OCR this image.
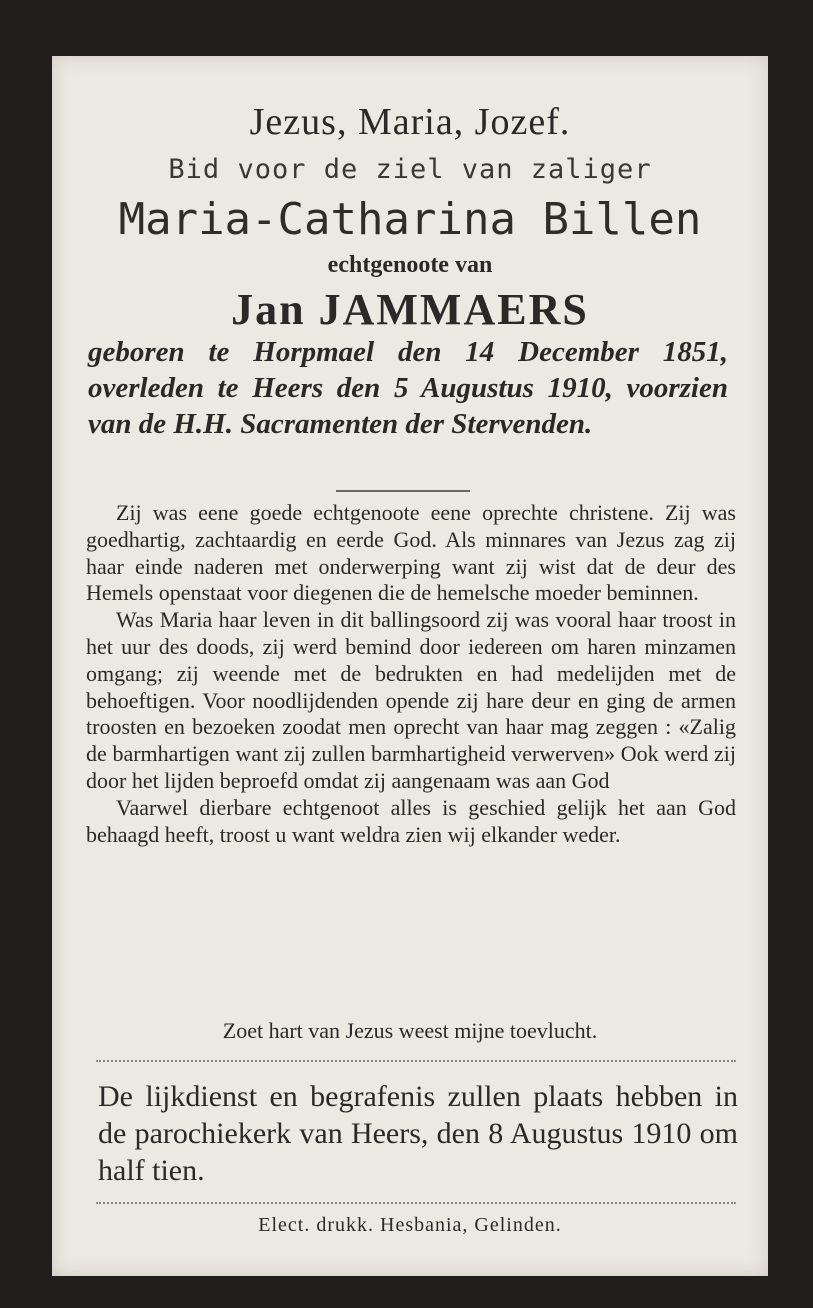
Jezus, Maria, Jozef.
Bid voor de ziel van zaliger
Maria-Catharina Billen
echtgenoote van
Jan JAMMAERS
geboren te Horpmael den 14 December 1851, overleden te Heers den 5 Augustus 1910, voorzien van de H.H. Sacramenten der Stervenden.

Zij was eene goede echtgenoote eene oprechte christene. Zij was goedhartig, zachtaardig en eerde God. Als minnares van Jezus zag zij haar einde naderen met onderwerping want zij wist dat de deur des Hemels openstaat voor diegenen die de hemelsche moeder beminnen.

Was Maria haar leven in dit ballingsoord zij was vooral haar troost in het uur des doods, zij werd bemind door iedereen om haren minzamen omgang; zij weende met de bedrukten en had medelijden met de behoeftigen. Voor noodlijdenden opende zij hare deur en ging de armen troosten en bezoeken zoodat men oprecht van haar mag zeggen : «Zalig de barmhartigen want zij zullen barmhartigheid verwerven» Ook werd zij door het lijden beproefd omdat zij aangenaam was aan God

Vaarwel dierbare echtgenoot alles is geschied gelijk het aan God behaagd heeft, troost u want weldra zien wij elkander weder.

Zoet hart van Jezus weest mijne toevlucht.
De lijkdienst en begrafenis zullen plaats hebben in de parochiekerk van Heers, den 8 Augustus 1910 om half tien.
Elect. drukk. Hesbania, Gelinden.
